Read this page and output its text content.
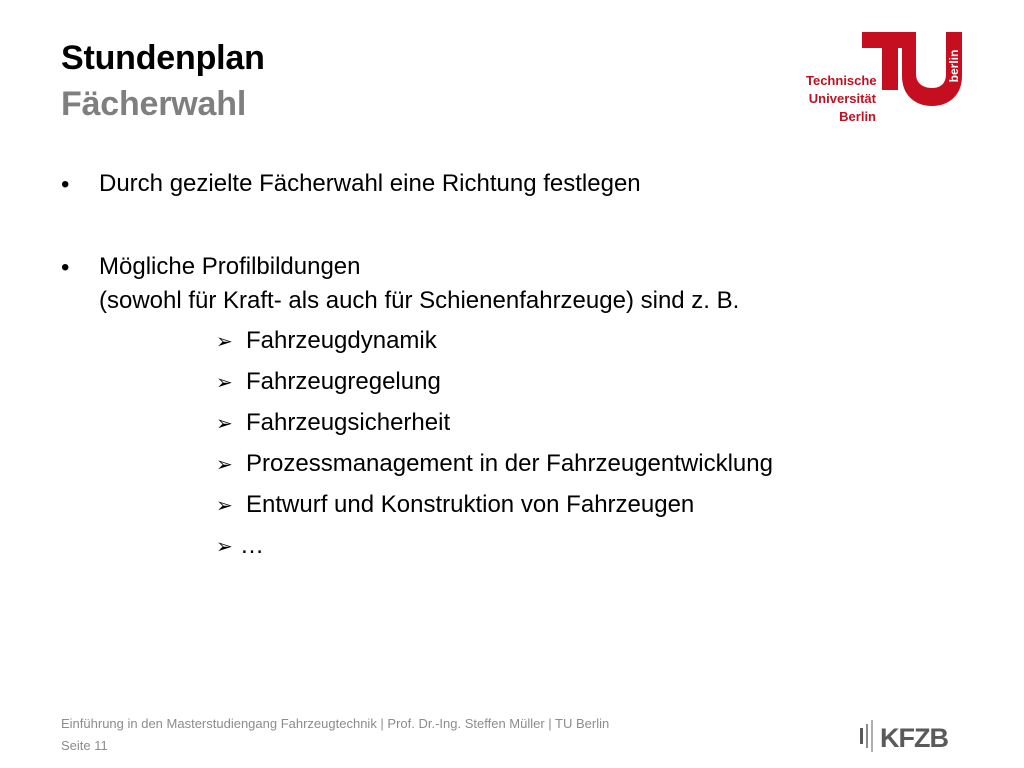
Stundenplan
Fächerwahl
Technische
Universität
Berlin
berlin
• Durch gezielte Fächerwahl eine Richtung festlegen
• Mögliche Profilbildungen
(sowohl für Kraft- als auch für Schienenfahrzeuge) sind z. B.
➢ Fahrzeugdynamik
➢ Fahrzeugregelung
➢ Fahrzeugsicherheit
➢ Prozessmanagement in der Fahrzeugentwicklung
➢ Entwurf und Konstruktion von Fahrzeugen
➢ …
Einführung in den Masterstudiengang Fahrzeugtechnik | Prof. Dr.-Ing. Steffen Müller | TU Berlin
Seite 11	KFZB
